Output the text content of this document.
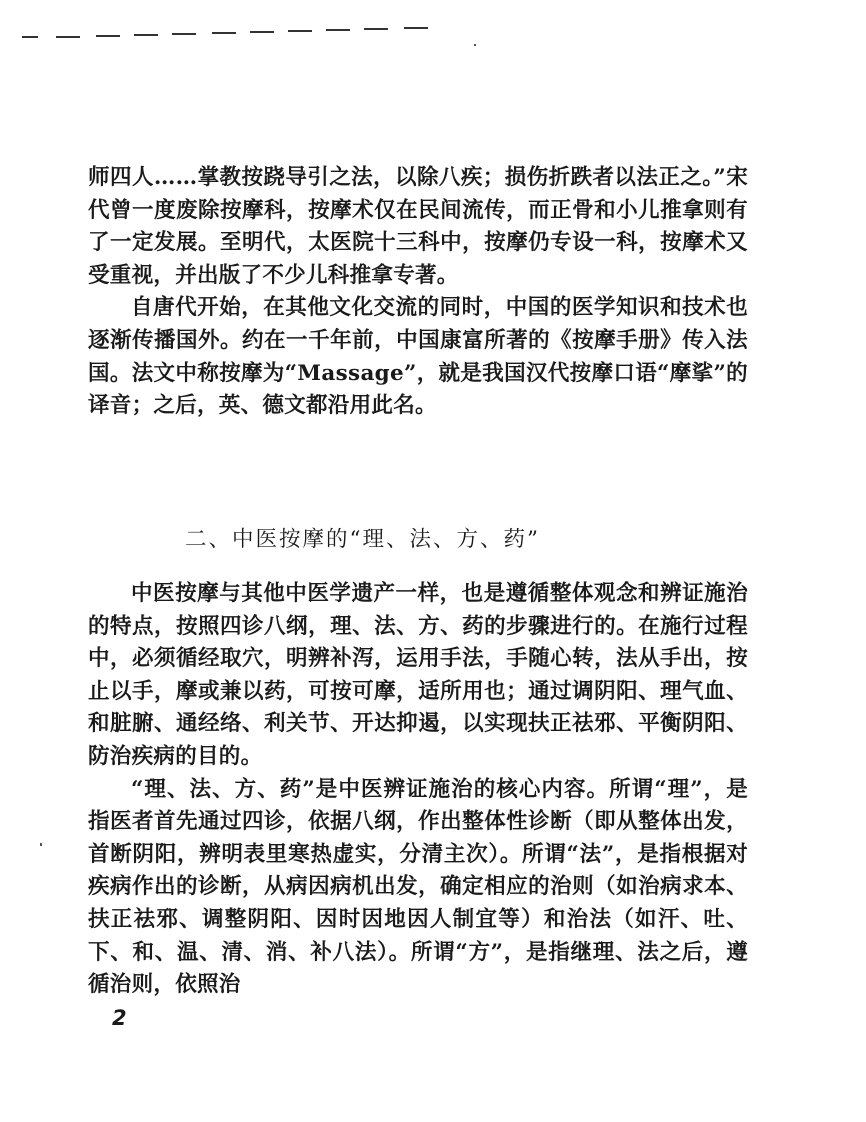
师四人……掌教按跷导引之法，以除八疾；损伤折跌者以法正之。”宋代曾一度废除按摩科，按摩术仅在民间流传，而正骨和小儿推拿则有了一定发展。至明代，太医院十三科中，按摩仍专设一科，按摩术又受重视，并出版了不少儿科推拿专著。

自唐代开始，在其他文化交流的同时，中国的医学知识和技术也逐渐传播国外。约在一千年前，中国康富所著的《按摩手册》传入法国。法文中称按摩为“Massage”，就是我国汉代按摩口语“摩挲”的译音；之后，英、德文都沿用此名。

二、中医按摩的“理、法、方、药”

中医按摩与其他中医学遗产一样，也是遵循整体观念和辨证施治的特点，按照四诊八纲，理、法、方、药的步骤进行的。在施行过程中，必须循经取穴，明辨补泻，运用手法，手随心转，法从手出，按止以手，摩或兼以药，可按可摩，适所用也；通过调阴阳、理气血、和脏腑、通经络、利关节、开达抑遏，以实现扶正祛邪、平衡阴阳、防治疾病的目的。

“理、法、方、药”是中医辨证施治的核心内容。所谓“理”，是指医者首先通过四诊，依据八纲，作出整体性诊断（即从整体出发，首断阴阳，辨明表里寒热虚实，分清主次）。所谓“法”，是指根据对疾病作出的诊断，从病因病机出发，确定相应的治则（如治病求本、扶正祛邪、调整阴阳、因时因地因人制宜等）和治法（如汗、吐、下、和、温、清、消、补八法）。所谓“方”，是指继理、法之后，遵循治则，依照治

2
